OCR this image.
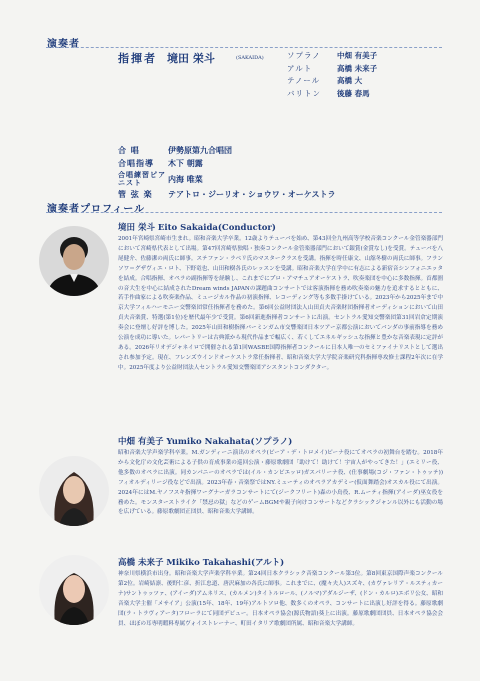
演奏者
指揮者 境田 栄斗	(SAKAIDA)	ソプラノ	中畑 有美子
アルト	高橋 未来子
テノール	高橋 大
バリトン	後藤 春馬
合 唱	伊勢原第九合唱団
合唱指導	木下 朝露
合唱練習ピアニスト	内海 唯菜
管 弦 楽	テアトロ・ジーリオ・ショウワ・オーケストラ
演奏者プロフィール
境田 栄斗 Eito Sakaida(Conductor)

2001年宮崎県宮崎市生まれ。昭和音楽大学卒業。12歳よりテューバを始め、第43回全九州高等学校音楽コンクール金管楽器部門において宮崎県代表として出場。第47回宮崎県独唱・独奏コンクール金管楽器部門において銀賞(金賞なし)を受賞。テューバを八尾健介、佐藤潔の両氏に師事。ステファン・ラベリ氏のマスタークラスを受講。指揮を時任康文、山舘冬樹の両氏に師事。フランソワ＝グザヴィエ・ロト、下野竜也、山田和樹各氏のレッスンを受講。昭和音楽大学在学中に有志による新宿音シンフォニエッタを結成。合唱指揮、オペラの副指揮等を経験し、これまでにプロ・アマチュアオーケストラ、吹奏楽団を中心に多数指揮。首都圏の音大生を中心に結成されたDream winds JAPANの課題曲コンサートでは客演指揮を務め吹奏楽の魅力を追求するとともに、若手作曲家による吹奏楽作品、ミュージカル作品の初演指揮、レコーディング等も多数手掛けている。2023年から2025年まで中京大学フィルハーモニー交響楽団常任指揮者を務めた。第6回公益財団法人山田貞夫音楽財団指揮者オーディションにおいて山田貞夫音楽賞、特選(第1位)を歴代最年少で受賞。第6回新進指揮者コンサートに出演。セントラル愛知交響楽団第31回岩倉定期演奏会に登壇し好評を博した。2025年山田和樹指揮バーミンガム市交響楽団日本ツアー京都公演においてバンダの事前指導を務め公演を成功に導いた。レパートリーは古典派から現代作品まで幅広く、若くしてエネルギッシュな指揮と豊かな音楽表現に定評がある。2026年リオデジャネイロで開催される第1回WASBE国際指揮者コンクールに日本人唯一のセミファイナリストとして選出され参加予定。現在、フレンズウインドオーケストラ常任指揮者、昭和音楽大学大学院音楽研究科指揮専攻修士課程2年次に在学中。2025年度より公益財団法人セントラル愛知交響楽団アシスタントコンダクター。

中畑 有美子 Yumiko Nakahata(ソプラノ)

昭和音楽大学声楽学科卒業。M.ガンディーニ演出のオペラ(ピーア・デ・トロメイ)ピーナ役にてオペラの初舞台を踏む。2018年から文化庁の文化芸術による子供の育成事業の巡回公演・藤原歌劇団「助けて！助けて！宇宙人がやってきた！」(エミリー役、他多数のオペラに出演。同カンパニーのオペラでは(イル・カンピエッロ)ガスパリーナ役、(仕事劇場(コジ・ファン・トゥッテ))フィオルディリージ役などで出演。2023年春・音楽祭ではNY.ミューティのオペラアカデミー(仮面舞踏会)オスカル役にて出演。2024年にはM.ヤノフスキ指揮ワーグナーガラコンサートにて(ジークフリート)森の小鳥役、R.ムーティ指揮(アイーダ)巫女役を務めた。モンスターストライク「禁忌の獄」などのゲームBGMや親子向けコンサートなどクラシックジャンル以外にも活動の場を広げている。藤原歌劇団正団員、昭和音楽大学講師。

高橋 未来子 Mikiko Takahashi(アルト)

神奈川県横浜市出身。昭和音楽大学声楽学科卒業。第24回日本クラシック音楽コンクール第3位。第8回東京国際声楽コンクール第2位。岩崎結凛、後野仁彦、折江忠道、唐沢麻加の各氏に師事。これまでに、(魔々夫人)スズキ、(カヴァレリア・ルスティカーナ)サントゥッツァ、(アイーダ)アムネリス、(カルメン)タイトルロール、(ノルマ)アダルジーザ、(ドン・カルロ)エボリ公女、昭和音楽大学主催「メサイア」公演(15年、18年、19年)アルトソロ他、数多くのオペラ、コンサートに出演し好評を得る。藤原歌劇団(ラ・トラヴィアータ)フローラにて同団デビュー。日本オペラ協会(源氏物語)葵上に出演。藤原歌劇団団員、日本オペラ協会会員、ほぼの耳専明暇料専属ヴォイストレーナー、町田イタリア歌劇団所属、昭和音楽大学講師。
